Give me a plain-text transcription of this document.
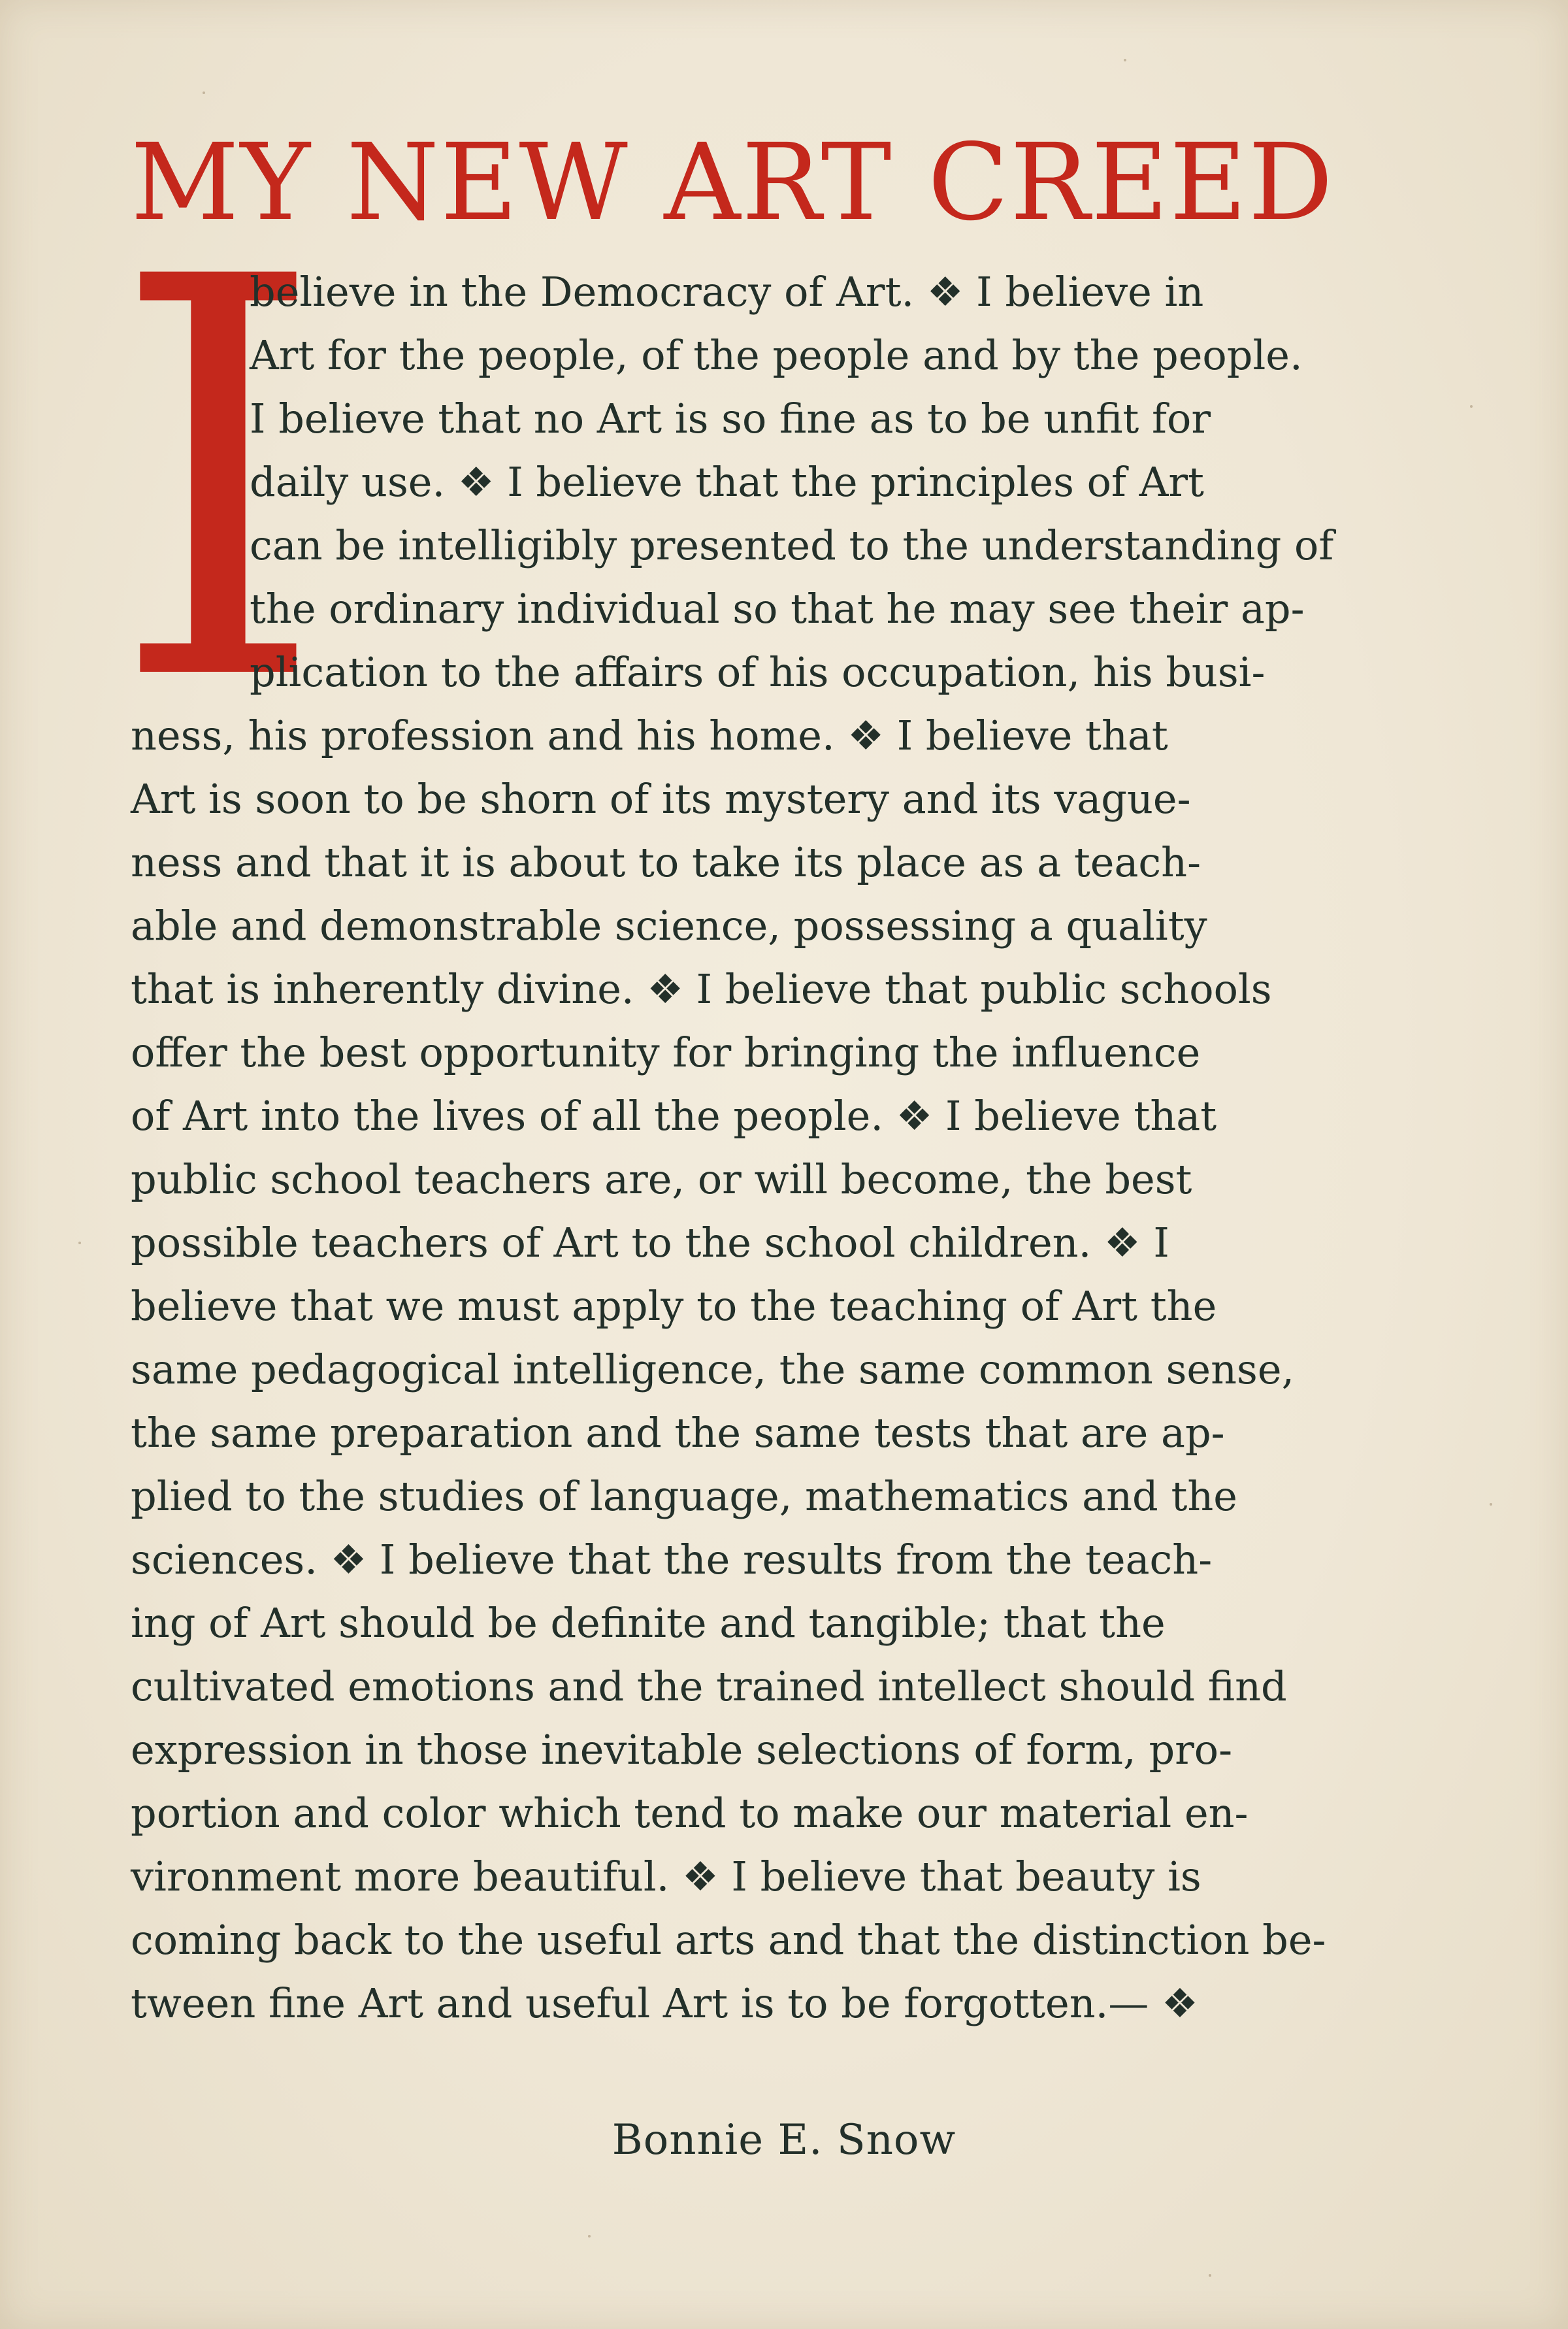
MY NEW ART CREED
I

believe in the Democracy of Art. ❖ I believe in

Art for the people, of the people and by the people.

I believe that no Art is so fine as to be unfit for

daily use. ❖ I believe that the principles of Art

can be intelligibly presented to the understanding of

the ordinary individual so that he may see their ap-

plication to the affairs of his occupation, his busi-

ness, his profession and his home. ❖ I believe that

Art is soon to be shorn of its mystery and its vague-

ness and that it is about to take its place as a teach-

able and demonstrable science, possessing a quality

that is inherently divine. ❖ I believe that public schools

offer the best opportunity for bringing the influence

of Art into the lives of all the people. ❖ I believe that

public school teachers are, or will become, the best

possible teachers of Art to the school children. ❖ I

believe that we must apply to the teaching of Art the

same pedagogical intelligence, the same common sense,

the same preparation and the same tests that are ap-

plied to the studies of language, mathematics and the

sciences. ❖ I believe that the results from the teach-

ing of Art should be definite and tangible; that the

cultivated emotions and the trained intellect should find

expression in those inevitable selections of form, pro-

portion and color which tend to make our material en-

vironment more beautiful. ❖ I believe that beauty is

coming back to the useful arts and that the distinction be-

tween fine Art and useful Art is to be forgotten.— ❖

Bonnie E. Snow
